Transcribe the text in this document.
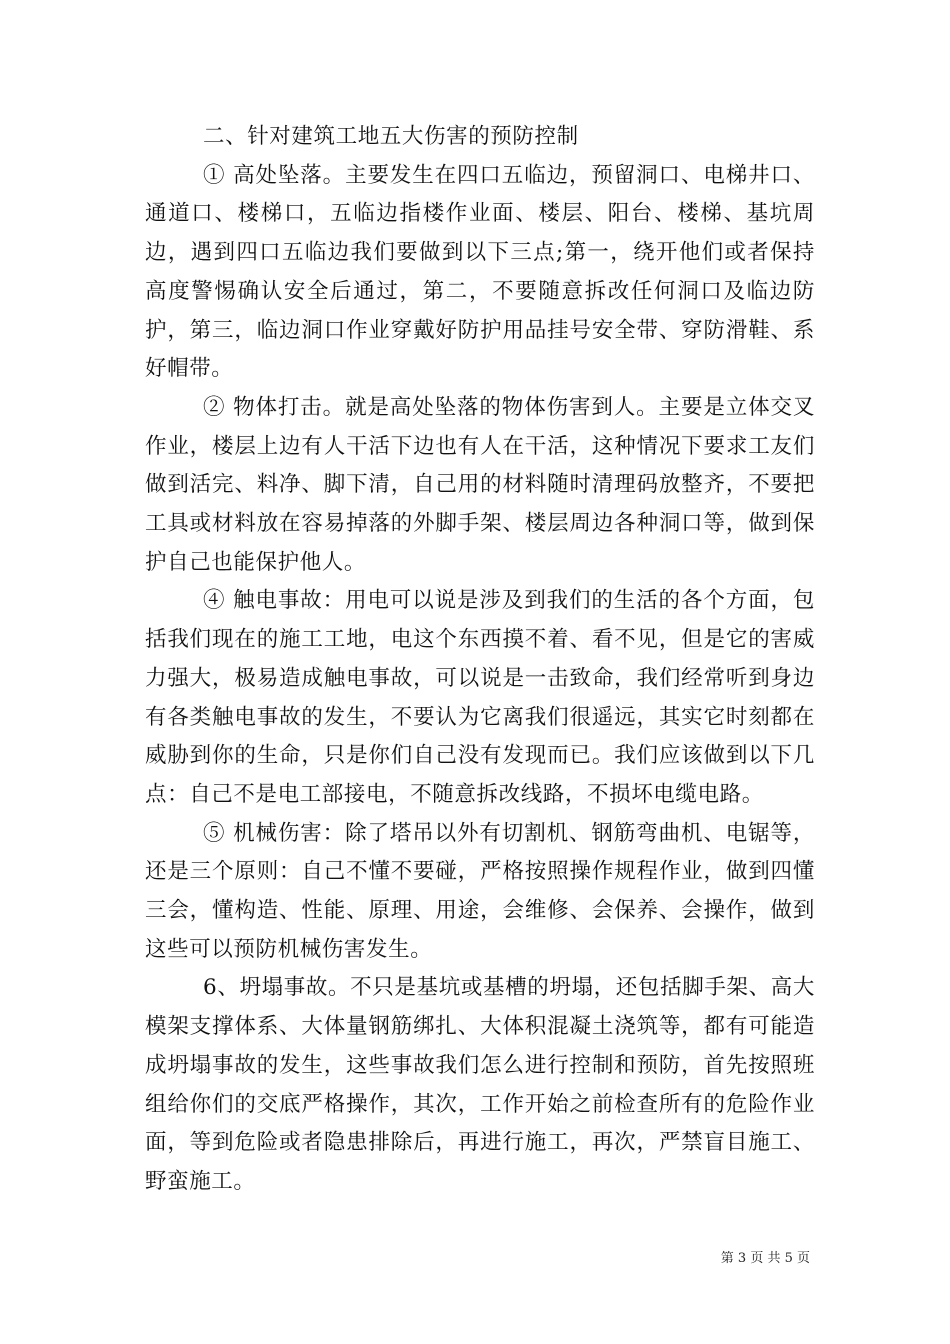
二、针对建筑工地五大伤害的预防控制

① 高处坠落。主要发生在四口五临边，预留洞口、电梯井口、通道口、楼梯口，五临边指楼作业面、楼层、阳台、楼梯、基坑周边，遇到四口五临边我们要做到以下三点;第一，绕开他们或者保持高度警惕确认安全后通过，第二，不要随意拆改任何洞口及临边防护，第三，临边洞口作业穿戴好防护用品挂号安全带、穿防滑鞋、系好帽带。

② 物体打击。就是高处坠落的物体伤害到人。主要是立体交叉作业，楼层上边有人干活下边也有人在干活，这种情况下要求工友们做到活完、料净、脚下清，自己用的材料随时清理码放整齐，不要把工具或材料放在容易掉落的外脚手架、楼层周边各种洞口等，做到保护自己也能保护他人。

④ 触电事故：用电可以说是涉及到我们的生活的各个方面，包括我们现在的施工工地，电这个东西摸不着、看不见，但是它的害威力强大，极易造成触电事故，可以说是一击致命，我们经常听到身边有各类触电事故的发生，不要认为它离我们很遥远，其实它时刻都在威胁到你的生命，只是你们自己没有发现而已。我们应该做到以下几点：自己不是电工部接电，不随意拆改线路，不损坏电缆电路。

⑤ 机械伤害：除了塔吊以外有切割机、钢筋弯曲机、电锯等，还是三个原则：自己不懂不要碰，严格按照操作规程作业，做到四懂三会，懂构造、性能、原理、用途，会维修、会保养、会操作，做到这些可以预防机械伤害发生。

6、坍塌事故。不只是基坑或基槽的坍塌，还包括脚手架、高大模架支撑体系、大体量钢筋绑扎、大体积混凝土浇筑等，都有可能造成坍塌事故的发生，这些事故我们怎么进行控制和预防，首先按照班组给你们的交底严格操作，其次，工作开始之前检查所有的危险作业面，等到危险或者隐患排除后，再进行施工，再次，严禁盲目施工、野蛮施工。

第 3 页 共 5 页
